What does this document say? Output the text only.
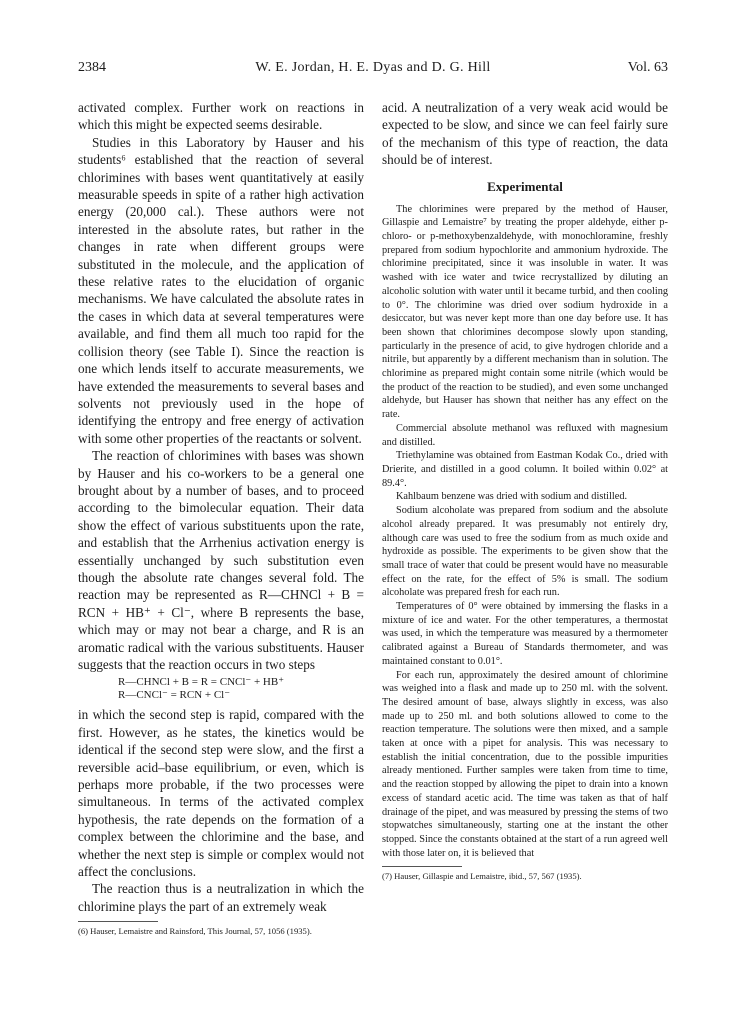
2384	W. E. Jordan, H. E. Dyas and D. G. Hill	Vol. 63

activated complex. Further work on reactions in which this might be expected seems desirable.

Studies in this Laboratory by Hauser and his students⁶ established that the reaction of several chlorimines with bases went quantitatively at easily measurable speeds in spite of a rather high activation energy (20,000 cal.). These authors were not interested in the absolute rates, but rather in the changes in rate when different groups were substituted in the molecule, and the application of these relative rates to the elucidation of organic mechanisms. We have calculated the absolute rates in the cases in which data at several temperatures were available, and find them all much too rapid for the collision theory (see Table I). Since the reaction is one which lends itself to accurate measurements, we have extended the measurements to several bases and solvents not previously used in the hope of identifying the entropy and free energy of activation with some other properties of the reactants or solvent.

The reaction of chlorimines with bases was shown by Hauser and his co-workers to be a general one brought about by a number of bases, and to proceed according to the bimolecular equation. Their data show the effect of various substituents upon the rate, and establish that the Arrhenius activation energy is essentially unchanged by such substitution even though the absolute rate changes several fold. The reaction may be represented as R—CHNCl + B = RCN + HB⁺ + Cl⁻, where B represents the base, which may or may not bear a charge, and R is an aromatic radical with the various substituents. Hauser suggests that the reaction occurs in two steps

R—CHNCl + B = R = CNCl⁻ + HB⁺
R—CNCl⁻ = RCN + Cl⁻

in which the second step is rapid, compared with the first. However, as he states, the kinetics would be identical if the second step were slow, and the first a reversible acid–base equilibrium, or even, which is perhaps more probable, if the two processes were simultaneous. In terms of the activated complex hypothesis, the rate depends on the formation of a complex between the chlorimine and the base, and whether the next step is simple or complex would not affect the conclusions.

The reaction thus is a neutralization in which the chlorimine plays the part of an extremely weak

(6) Hauser, Lemaistre and Rainsford, This Journal, 57, 1056 (1935).

acid. A neutralization of a very weak acid would be expected to be slow, and since we can feel fairly sure of the mechanism of this type of reaction, the data should be of interest.

Experimental

The chlorimines were prepared by the method of Hauser, Gillaspie and Lemaistre⁷ by treating the proper aldehyde, either p-chloro- or p-methoxybenzaldehyde, with monochloramine, freshly prepared from sodium hypochlorite and ammonium hydroxide. The chlorimine precipitated, since it was insoluble in water. It was washed with ice water and twice recrystallized by diluting an alcoholic solution with water until it became turbid, and then cooling to 0°. The chlorimine was dried over sodium hydroxide in a desiccator, but was never kept more than one day before use. It has been shown that chlorimines decompose slowly upon standing, particularly in the presence of acid, to give hydrogen chloride and a nitrile, but apparently by a different mechanism than in solution. The chlorimine as prepared might contain some nitrile (which would be the product of the reaction to be studied), and even some unchanged aldehyde, but Hauser has shown that neither has any effect on the rate.

Commercial absolute methanol was refluxed with magnesium and distilled.

Triethylamine was obtained from Eastman Kodak Co., dried with Drierite, and distilled in a good column. It boiled within 0.02° at 89.4°.

Kahlbaum benzene was dried with sodium and distilled.

Sodium alcoholate was prepared from sodium and the absolute alcohol already prepared. It was presumably not entirely dry, although care was used to free the sodium from as much oxide and hydroxide as possible. The experiments to be given show that the small trace of water that could be present would have no measurable effect on the rate, for the effect of 5% is small. The sodium alcoholate was prepared fresh for each run.

Temperatures of 0° were obtained by immersing the flasks in a mixture of ice and water. For the other temperatures, a thermostat was used, in which the temperature was measured by a thermometer calibrated against a Bureau of Standards thermometer, and was maintained constant to 0.01°.

For each run, approximately the desired amount of chlorimine was weighed into a flask and made up to 250 ml. with the solvent. The desired amount of base, always slightly in excess, was also made up to 250 ml. and both solutions allowed to come to the reaction temperature. The solutions were then mixed, and a sample taken at once with a pipet for analysis. This was necessary to establish the initial concentration, due to the possible impurities already mentioned. Further samples were taken from time to time, and the reaction stopped by allowing the pipet to drain into a known excess of standard acetic acid. The time was taken as that of half drainage of the pipet, and was measured by pressing the stems of two stopwatches simultaneously, starting one at the instant the other stopped. Since the constants obtained at the start of a run agreed well with those later on, it is believed that

(7) Hauser, Gillaspie and Lemaistre, ibid., 57, 567 (1935).
